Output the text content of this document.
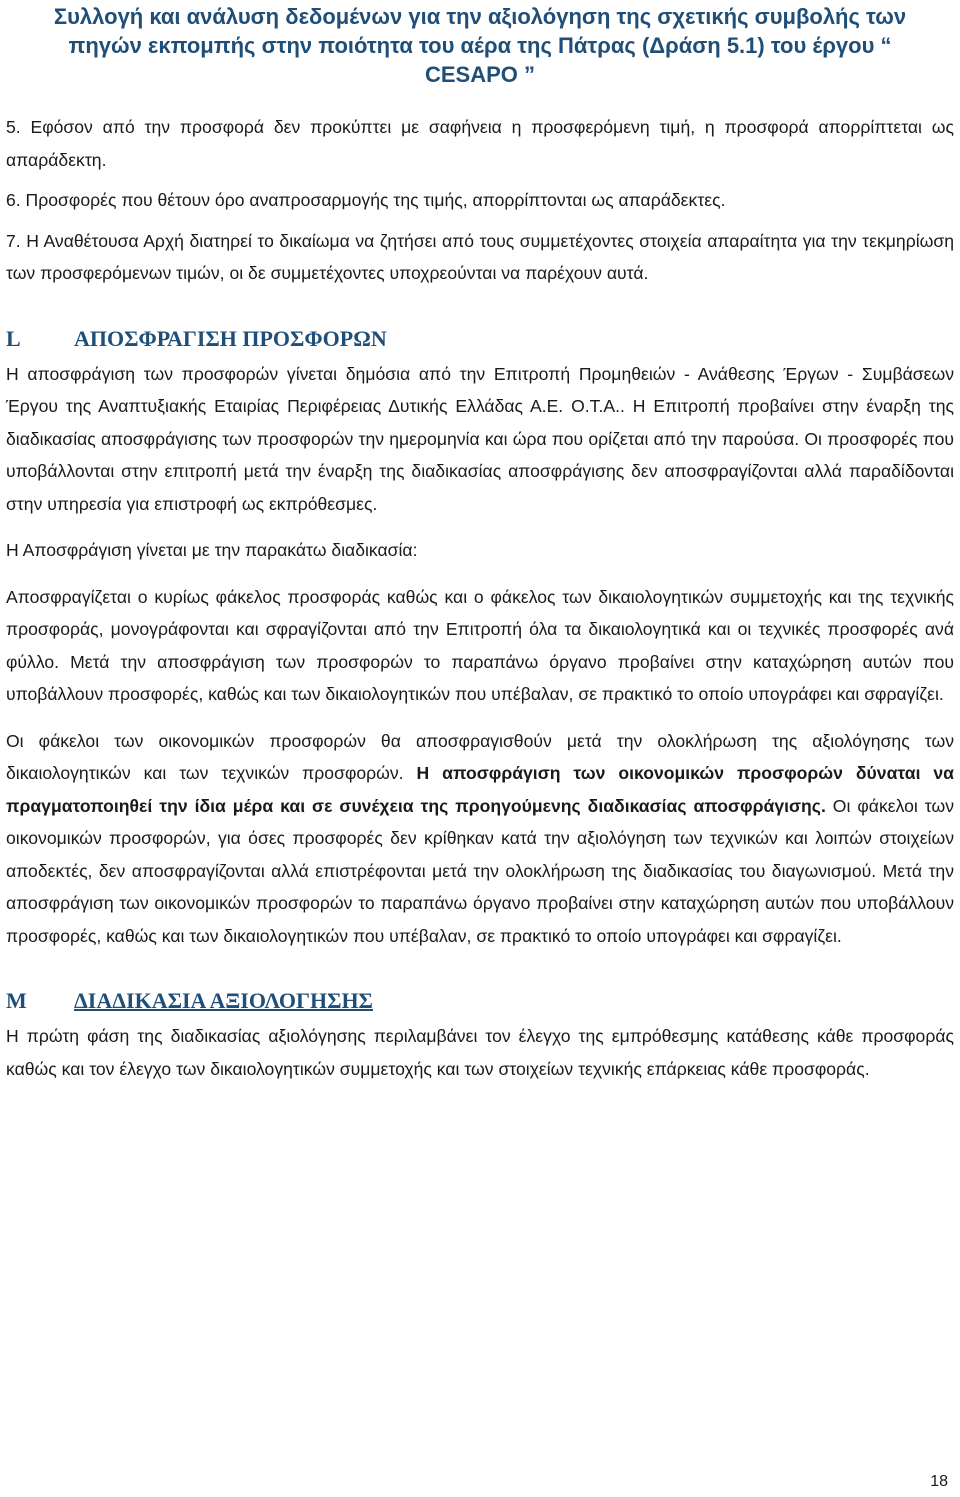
Συλλογή και ανάλυση δεδομένων για την αξιολόγηση της σχετικής συμβολής των
πηγών εκπομπής στην ποιότητα του αέρα της Πάτρας (Δράση 5.1) του έργου “
CESAPO ”

5. Εφόσον από την προσφορά δεν προκύπτει με σαφήνεια η προσφερόμενη τιμή, η προσφορά απορρίπτεται ως απαράδεκτη.

6. Προσφορές που θέτουν όρο αναπροσαρμογής της τιμής, απορρίπτονται ως απαράδεκτες.

7. Η Αναθέτουσα Αρχή διατηρεί το δικαίωμα να ζητήσει από τους συμμετέχοντες στοιχεία απαραίτητα για την τεκμηρίωση των προσφερόμενων τιμών, οι δε συμμετέχοντες υποχρεούνται να παρέχουν αυτά.

L ΑΠΟΣΦΡΑΓΙΣΗ ΠΡΟΣΦΟΡΩΝ

Η αποσφράγιση των προσφορών γίνεται δημόσια από την Επιτροπή Προμηθειών - Ανάθεσης Έργων - Συμβάσεων Έργου της Αναπτυξιακής Εταιρίας Περιφέρειας Δυτικής Ελλάδας Α.Ε. Ο.Τ.Α.. Η Επιτροπή προβαίνει στην έναρξη της διαδικασίας αποσφράγισης των προσφορών την ημερομηνία και ώρα που ορίζεται από την παρούσα. Οι προσφορές που υποβάλλονται στην επιτροπή μετά την έναρξη της διαδικασίας αποσφράγισης δεν αποσφραγίζονται αλλά παραδίδονται στην υπηρεσία για επιστροφή ως εκπρόθεσμες.

Η Αποσφράγιση γίνεται με την παρακάτω διαδικασία:

Αποσφραγίζεται ο κυρίως φάκελος προσφοράς καθώς και ο φάκελος των δικαιολογητικών συμμετοχής και της τεχνικής προσφοράς, μονογράφονται και σφραγίζονται από την Επιτροπή όλα τα δικαιολογητικά και οι τεχνικές προσφορές ανά φύλλο. Μετά την αποσφράγιση των προσφορών το παραπάνω όργανο προβαίνει στην καταχώρηση αυτών που υποβάλλουν προσφορές, καθώς και των δικαιολογητικών που υπέβαλαν, σε πρακτικό το οποίο υπογράφει και σφραγίζει.

Οι φάκελοι των οικονομικών προσφορών θα αποσφραγισθούν μετά την ολοκλήρωση της αξιολόγησης των δικαιολογητικών και των τεχνικών προσφορών. Η αποσφράγιση των οικονομικών προσφορών δύναται να πραγματοποιηθεί την ίδια μέρα και σε συνέχεια της προηγούμενης διαδικασίας αποσφράγισης. Οι φάκελοι των οικονομικών προσφορών, για όσες προσφορές δεν κρίθηκαν κατά την αξιολόγηση των τεχνικών και λοιπών στοιχείων αποδεκτές, δεν αποσφραγίζονται αλλά επιστρέφονται μετά την ολοκλήρωση της διαδικασίας του διαγωνισμού. Μετά την αποσφράγιση των οικονομικών προσφορών το παραπάνω όργανο προβαίνει στην καταχώρηση αυτών που υποβάλλουν προσφορές, καθώς και των δικαιολογητικών που υπέβαλαν, σε πρακτικό το οποίο υπογράφει και σφραγίζει.

M ΔΙΑΔΙΚΑΣΙΑ ΑΞΙΟΛΟΓΗΣΗΣ

Η πρώτη φάση της διαδικασίας αξιολόγησης περιλαμβάνει τον έλεγχο της εμπρόθεσμης κατάθεσης κάθε προσφοράς καθώς και τον έλεγχο των δικαιολογητικών συμμετοχής και των στοιχείων τεχνικής επάρκειας κάθε προσφοράς.

18
